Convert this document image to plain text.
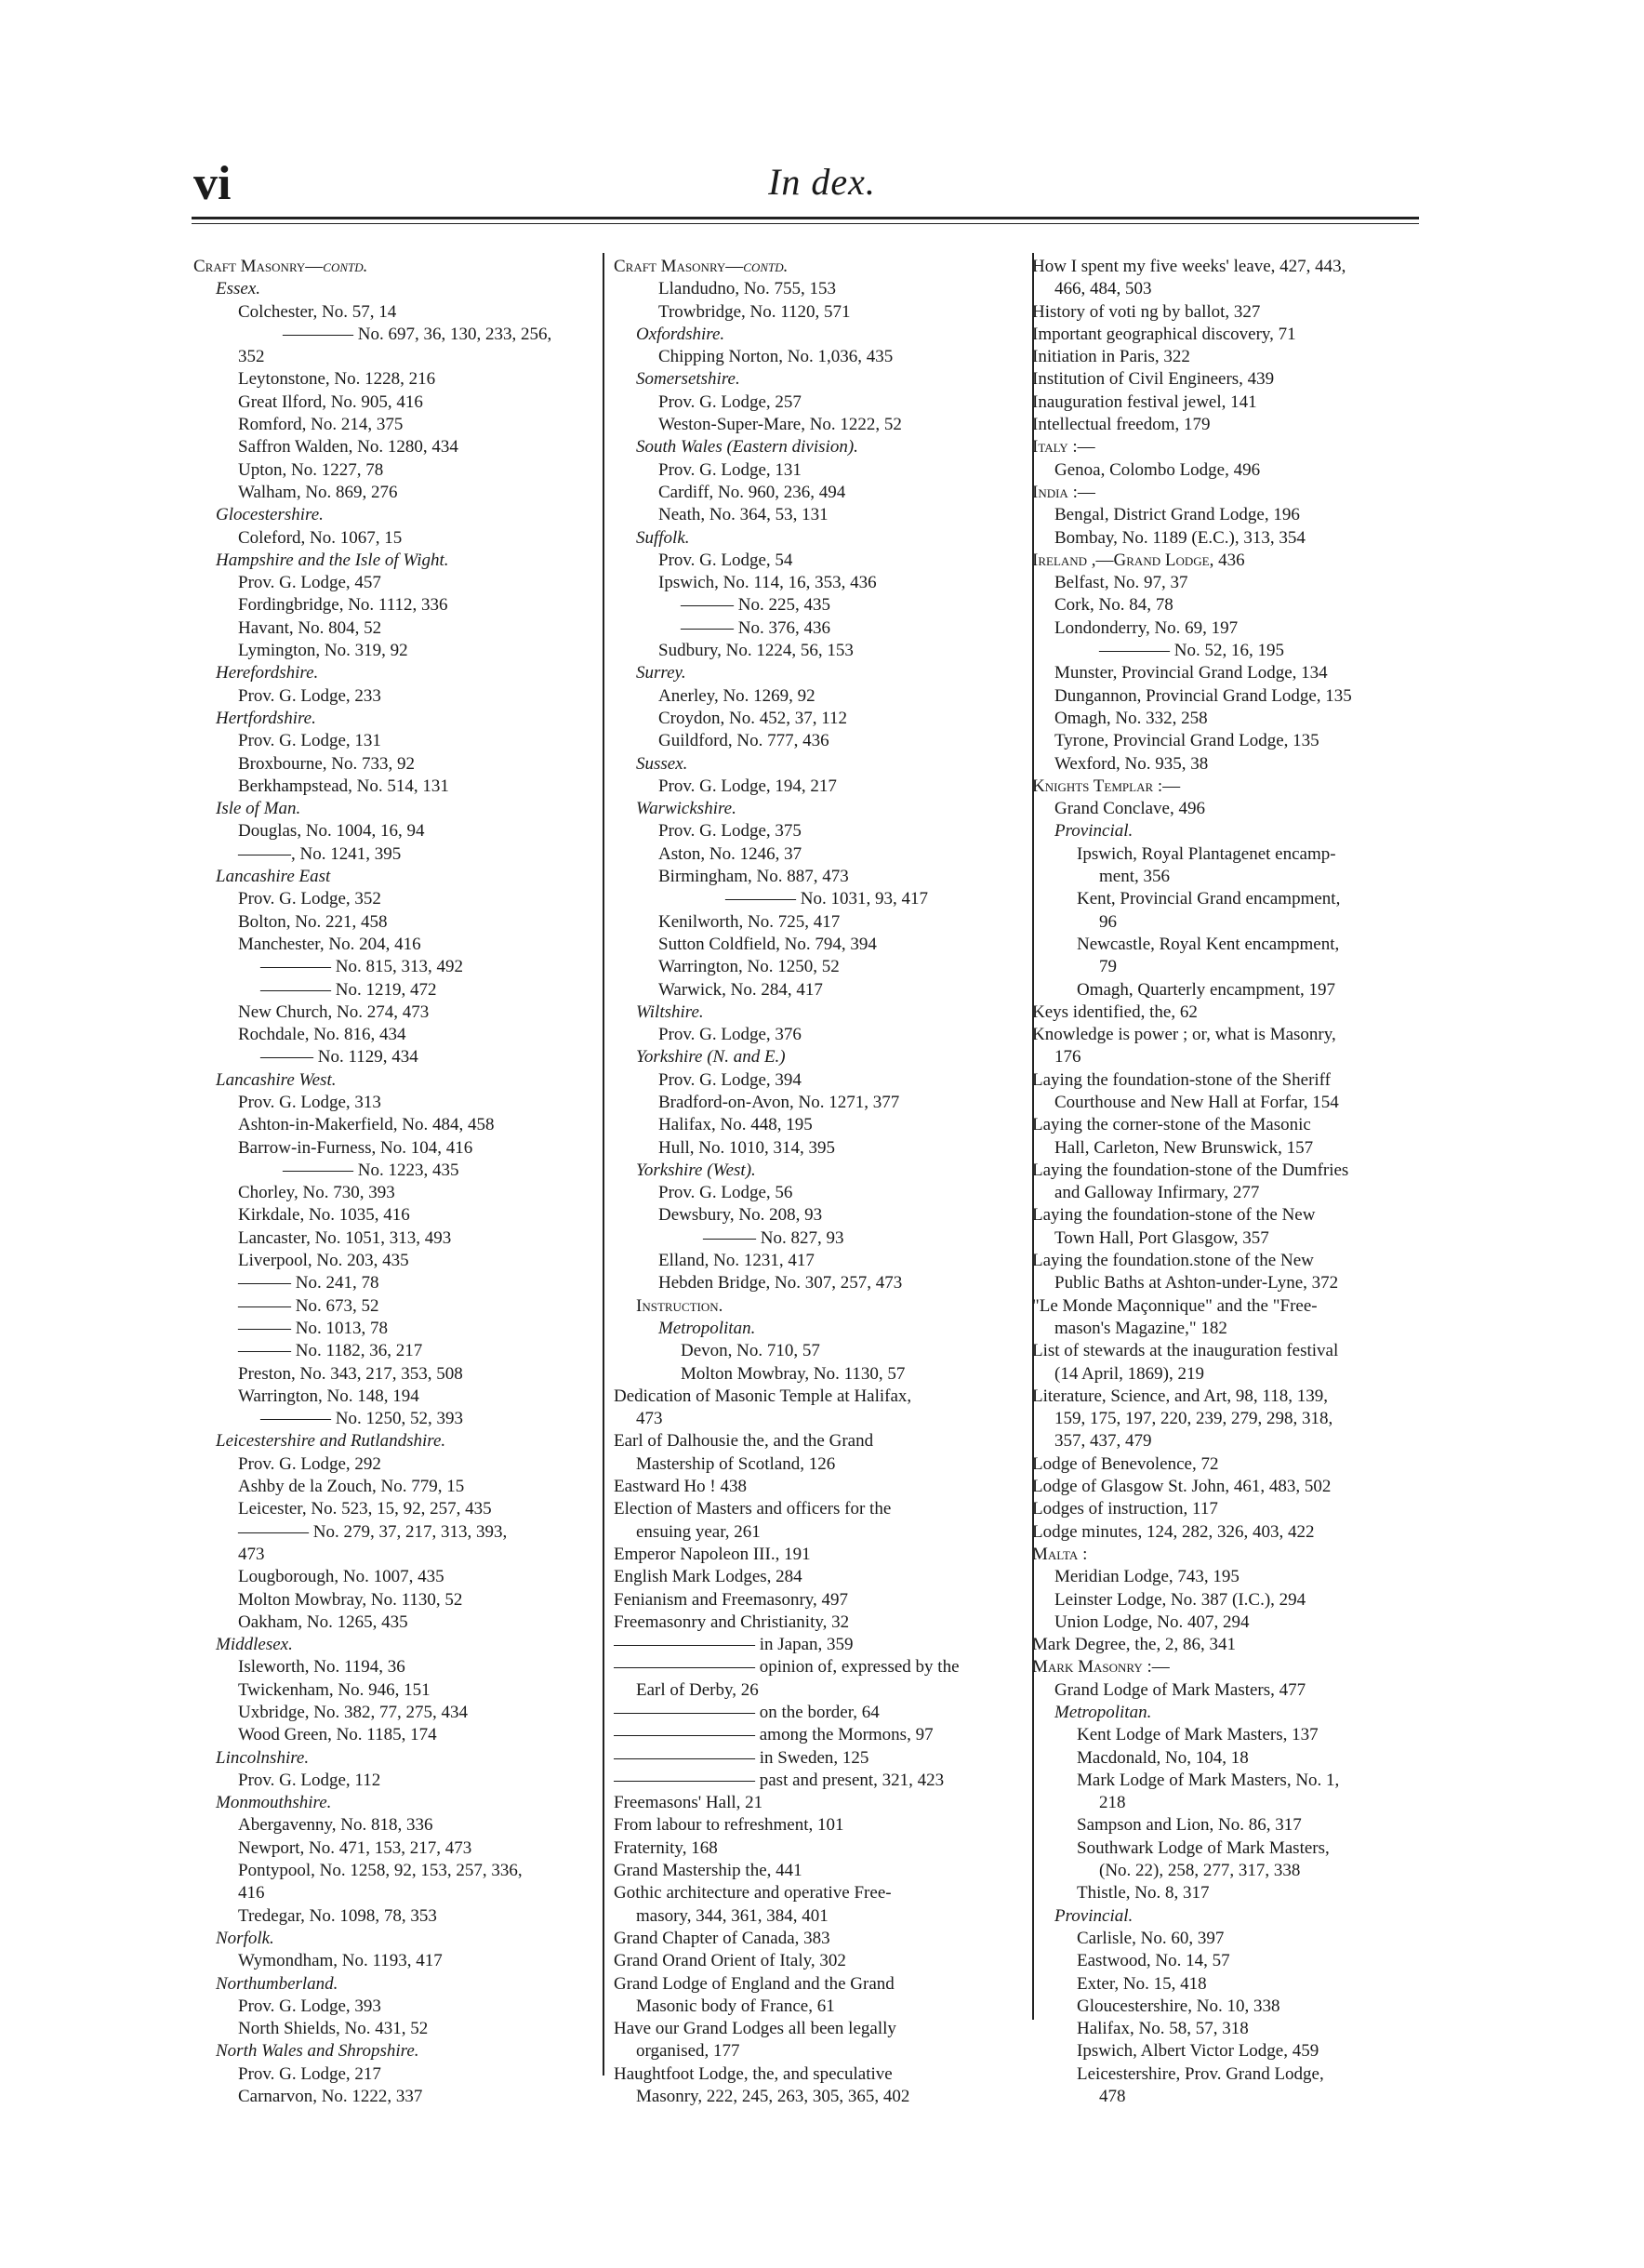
vi	In dex.
Craft Masonry—contd.
Essex.
Colchester, No. 57, 14
———— No. 697, 36, 130, 233, 256,
352
Leytonstone, No. 1228, 216
Great Ilford, No. 905, 416
Romford, No. 214, 375
Saffron Walden, No. 1280, 434
Upton, No. 1227, 78
Walham, No. 869, 276
Glocestershire.
Coleford, No. 1067, 15
Hampshire and the Isle of Wight.
Prov. G. Lodge, 457
Fordingbridge, No. 1112, 336
Havant, No. 804, 52
Lymington, No. 319, 92
Herefordshire.
Prov. G. Lodge, 233
Hertfordshire.
Prov. G. Lodge, 131
Broxbourne, No. 733, 92
Berkhampstead, No. 514, 131
Isle of Man.
Douglas, No. 1004, 16, 94
———, No. 1241, 395
Lancashire East
Prov. G. Lodge, 352
Bolton, No. 221, 458
Manchester, No. 204, 416
———— No. 815, 313, 492
———— No. 1219, 472
New Church, No. 274, 473
Rochdale, No. 816, 434
——— No. 1129, 434
Lancashire West.
Prov. G. Lodge, 313
Ashton-in-Makerfield, No. 484, 458
Barrow-in-Furness, No. 104, 416
———— No. 1223, 435
Chorley, No. 730, 393
Kirkdale, No. 1035, 416
Lancaster, No. 1051, 313, 493
Liverpool, No. 203, 435
——— No. 241, 78
——— No. 673, 52
——— No. 1013, 78
——— No. 1182, 36, 217
Preston, No. 343, 217, 353, 508
Warrington, No. 148, 194
———— No. 1250, 52, 393
Leicestershire and Rutlandshire.
Prov. G. Lodge, 292
Ashby de la Zouch, No. 779, 15
Leicester, No. 523, 15, 92, 257, 435
———— No. 279, 37, 217, 313, 393,
473
Lougborough, No. 1007, 435
Molton Mowbray, No. 1130, 52
Oakham, No. 1265, 435
Middlesex.
Isleworth, No. 1194, 36
Twickenham, No. 946, 151
Uxbridge, No. 382, 77, 275, 434
Wood Green, No. 1185, 174
Lincolnshire.
Prov. G. Lodge, 112
Monmouthshire.
Abergavenny, No. 818, 336
Newport, No. 471, 153, 217, 473
Pontypool, No. 1258, 92, 153, 257, 336,
416
Tredegar, No. 1098, 78, 353
Norfolk.
Wymondham, No. 1193, 417
Northumberland.
Prov. G. Lodge, 393
North Shields, No. 431, 52
North Wales and Shropshire.
Prov. G. Lodge, 217
Carnarvon, No. 1222, 337
Craft Masonry—contd.
Llandudno, No. 755, 153
Trowbridge, No. 1120, 571
Oxfordshire.
Chipping Norton, No. 1,036, 435
Somersetshire.
Prov. G. Lodge, 257
Weston-Super-Mare, No. 1222, 52
South Wales (Eastern division).
Prov. G. Lodge, 131
Cardiff, No. 960, 236, 494
Neath, No. 364, 53, 131
Suffolk.
Prov. G. Lodge, 54
Ipswich, No. 114, 16, 353, 436
——— No. 225, 435
——— No. 376, 436
Sudbury, No. 1224, 56, 153
Surrey.
Anerley, No. 1269, 92
Croydon, No. 452, 37, 112
Guildford, No. 777, 436
Sussex.
Prov. G. Lodge, 194, 217
Warwickshire.
Prov. G. Lodge, 375
Aston, No. 1246, 37
Birmingham, No. 887, 473
———— No. 1031, 93, 417
Kenilworth, No. 725, 417
Sutton Coldfield, No. 794, 394
Warrington, No. 1250, 52
Warwick, No. 284, 417
Wiltshire.
Prov. G. Lodge, 376
Yorkshire (N. and E.)
Prov. G. Lodge, 394
Bradford-on-Avon, No. 1271, 377
Halifax, No. 448, 195
Hull, No. 1010, 314, 395
Yorkshire (West).
Prov. G. Lodge, 56
Dewsbury, No. 208, 93
——— No. 827, 93
Elland, No. 1231, 417
Hebden Bridge, No. 307, 257, 473
Instruction.
Metropolitan.
Devon, No. 710, 57
Molton Mowbray, No. 1130, 57
Dedication of Masonic Temple at Halifax,
473
Earl of Dalhousie the, and the Grand
Mastership of Scotland, 126
Eastward Ho ! 438
Election of Masters and officers for the
ensuing year, 261
Emperor Napoleon III., 191
English Mark Lodges, 284
Fenianism and Freemasonry, 497
Freemasonry and Christianity, 32
———————— in Japan, 359
———————— opinion of, expressed by the
Earl of Derby, 26
———————— on the border, 64
———————— among the Mormons, 97
———————— in Sweden, 125
———————— past and present, 321, 423
Freemasons' Hall, 21
From labour to refreshment, 101
Fraternity, 168
Grand Mastership the, 441
Gothic architecture and operative Free-
masory, 344, 361, 384, 401
Grand Chapter of Canada, 383
Grand Orand Orient of Italy, 302
Grand Lodge of England and the Grand
Masonic body of France, 61
Have our Grand Lodges all been legally
organised, 177
Haughtfoot Lodge, the, and speculative
Masonry, 222, 245, 263, 305, 365, 402
How I spent my five weeks' leave, 427, 443,
466, 484, 503
History of voti ng by ballot, 327
Important geographical discovery, 71
Initiation in Paris, 322
Institution of Civil Engineers, 439
Inauguration festival jewel, 141
Intellectual freedom, 179
Italy :—
Genoa, Colombo Lodge, 496
India :—
Bengal, District Grand Lodge, 196
Bombay, No. 1189 (E.C.), 313, 354
Ireland ,—Grand Lodge, 436
Belfast, No. 97, 37
Cork, No. 84, 78
Londonderry, No. 69, 197
———— No. 52, 16, 195
Munster, Provincial Grand Lodge, 134
Dungannon, Provincial Grand Lodge, 135
Omagh, No. 332, 258
Tyrone, Provincial Grand Lodge, 135
Wexford, No. 935, 38
Knights Templar :—
Grand Conclave, 496
Provincial.
Ipswich, Royal Plantagenet encamp-
ment, 356
Kent, Provincial Grand encampment,
96
Newcastle, Royal Kent encampment,
79
Omagh, Quarterly encampment, 197
Keys identified, the, 62
Knowledge is power ; or, what is Masonry,
176
Laying the foundation-stone of the Sheriff
Courthouse and New Hall at Forfar, 154
Laying the corner-stone of the Masonic
Hall, Carleton, New Brunswick, 157
Laying the foundation-stone of the Dumfries
and Galloway Infirmary, 277
Laying the foundation-stone of the New
Town Hall, Port Glasgow, 357
Laying the foundation.stone of the New
Public Baths at Ashton-under-Lyne, 372
"Le Monde Maçonnique" and the "Free-
mason's Magazine," 182
List of stewards at the inauguration festival
(14 April, 1869), 219
Literature, Science, and Art, 98, 118, 139,
159, 175, 197, 220, 239, 279, 298, 318,
357, 437, 479
Lodge of Benevolence, 72
Lodge of Glasgow St. John, 461, 483, 502
Lodges of instruction, 117
Lodge minutes, 124, 282, 326, 403, 422
Malta :
Meridian Lodge, 743, 195
Leinster Lodge, No. 387 (I.C.), 294
Union Lodge, No. 407, 294
Mark Degree, the, 2, 86, 341
Mark Masonry :—
Grand Lodge of Mark Masters, 477
Metropolitan.
Kent Lodge of Mark Masters, 137
Macdonald, No, 104, 18
Mark Lodge of Mark Masters, No. 1,
218
Sampson and Lion, No. 86, 317
Southwark Lodge of Mark Masters,
(No. 22), 258, 277, 317, 338
Thistle, No. 8, 317
Provincial.
Carlisle, No. 60, 397
Eastwood, No. 14, 57
Exter, No. 15, 418
Gloucestershire, No. 10, 338
Halifax, No. 58, 57, 318
Ipswich, Albert Victor Lodge, 459
Leicestershire, Prov. Grand Lodge,
478
